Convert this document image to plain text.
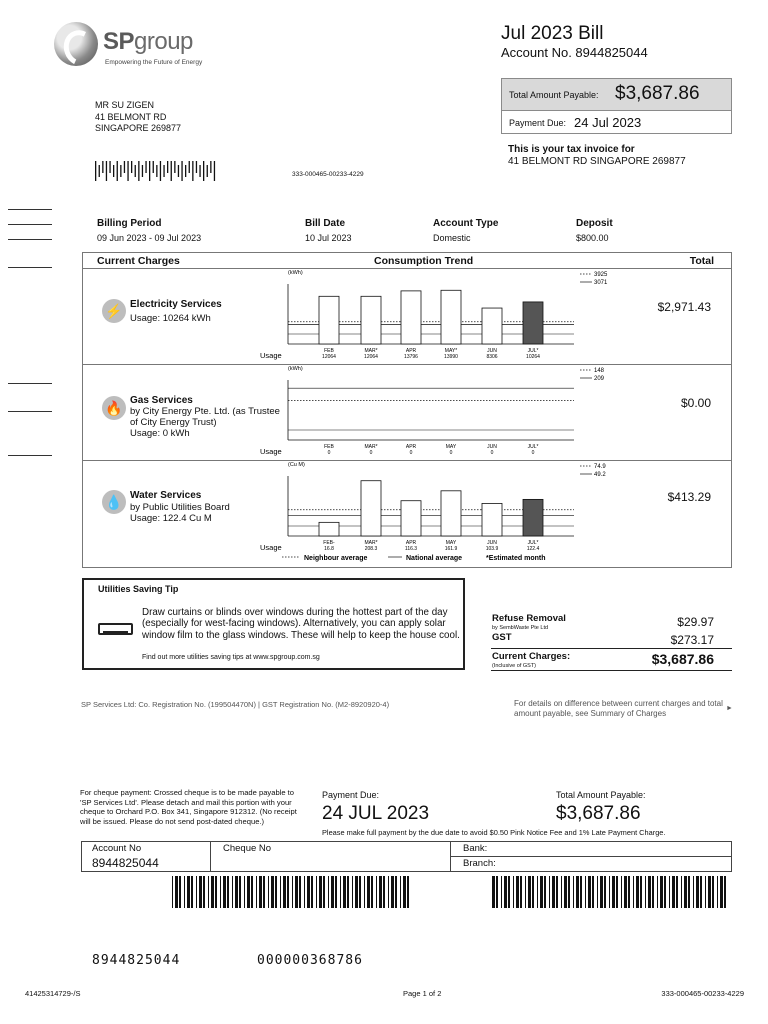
SPgroup
Empowering the Future of Energy
Jul 2023 Bill
Account No. 8944825044
Total Amount Payable: $3,687.86
Payment Due: 24 Jul 2023
MR SU ZIGEN
41 BELMONT RD
SINGAPORE 269877
333-000465-00233-4229
This is your tax invoice for
41 BELMONT RD SINGAPORE 269877
Billing Period
09 Jun 2023 - 09 Jul 2023
Bill Date
10 Jul 2023
Account Type
Domestic
Deposit
$800.00
Current Charges	Consumption Trend	Total
⚡ Electricity Services
Usage: 10264 kWh
$2,971.43
🔥 Gas Services
by City Energy Pte. Ltd. (as Trustee of City Energy Trust)
Usage: 0 kWh
$0.00
💧 Water Services
by Public Utilities Board
Usage: 122.4 Cu M
$413.29
(kWh)
FEB
12064
MAR*
12064
APR
13796
MAY*
13990
JUN
8306
JUL*
10264
Usage
3925
3071
(kWh)
FEB
0
MAR*
0
APR
0
MAY
0
JUN
0
JUL*
0
Usage
148
209
(Cu M)
FEB-
16.8
MAR*
208.3
APR
116.3
MAY
161.9
JUN
103.9
JUL*
122.4
Usage
74.9
49.2
Neighbour average	National average	*Estimated month
Utilities Saving Tip
Draw curtains or blinds over windows during the hottest part of the day (especially for west-facing windows). Alternatively, you can apply solar window film to the glass windows. These will help to keep the house cool.
Find out more utilities saving tips at www.spgroup.com.sg
Refuse Removal
by SembWaste Pte Ltd	$29.97
GST	$273.17
Current Charges:
(Inclusive of GST)	$3,687.86
SP Services Ltd: Co. Registration No. (199504470N) | GST Registration No. (M2-8920920-4)	For details on difference between current charges and total amount payable, see Summary of Charges
►
For cheque payment: Crossed cheque is to be made payable to 'SP Services Ltd'. Please detach and mail this portion with your cheque to Orchard P.O. Box 341, Singapore 912312. (No receipt will be issued. Please do not send post-dated cheque.)
Payment Due:
24 JUL 2023
Total Amount Payable:
$3,687.86
Please make full payment by the due date to avoid $0.50 Pink Notice Fee and 1% Late Payment Charge.
Account No
8944825044
Cheque No	Bank:
Branch:
8944825044	000000368786
41425314729-/S	Page 1 of 2	333-000465-00233-4229
